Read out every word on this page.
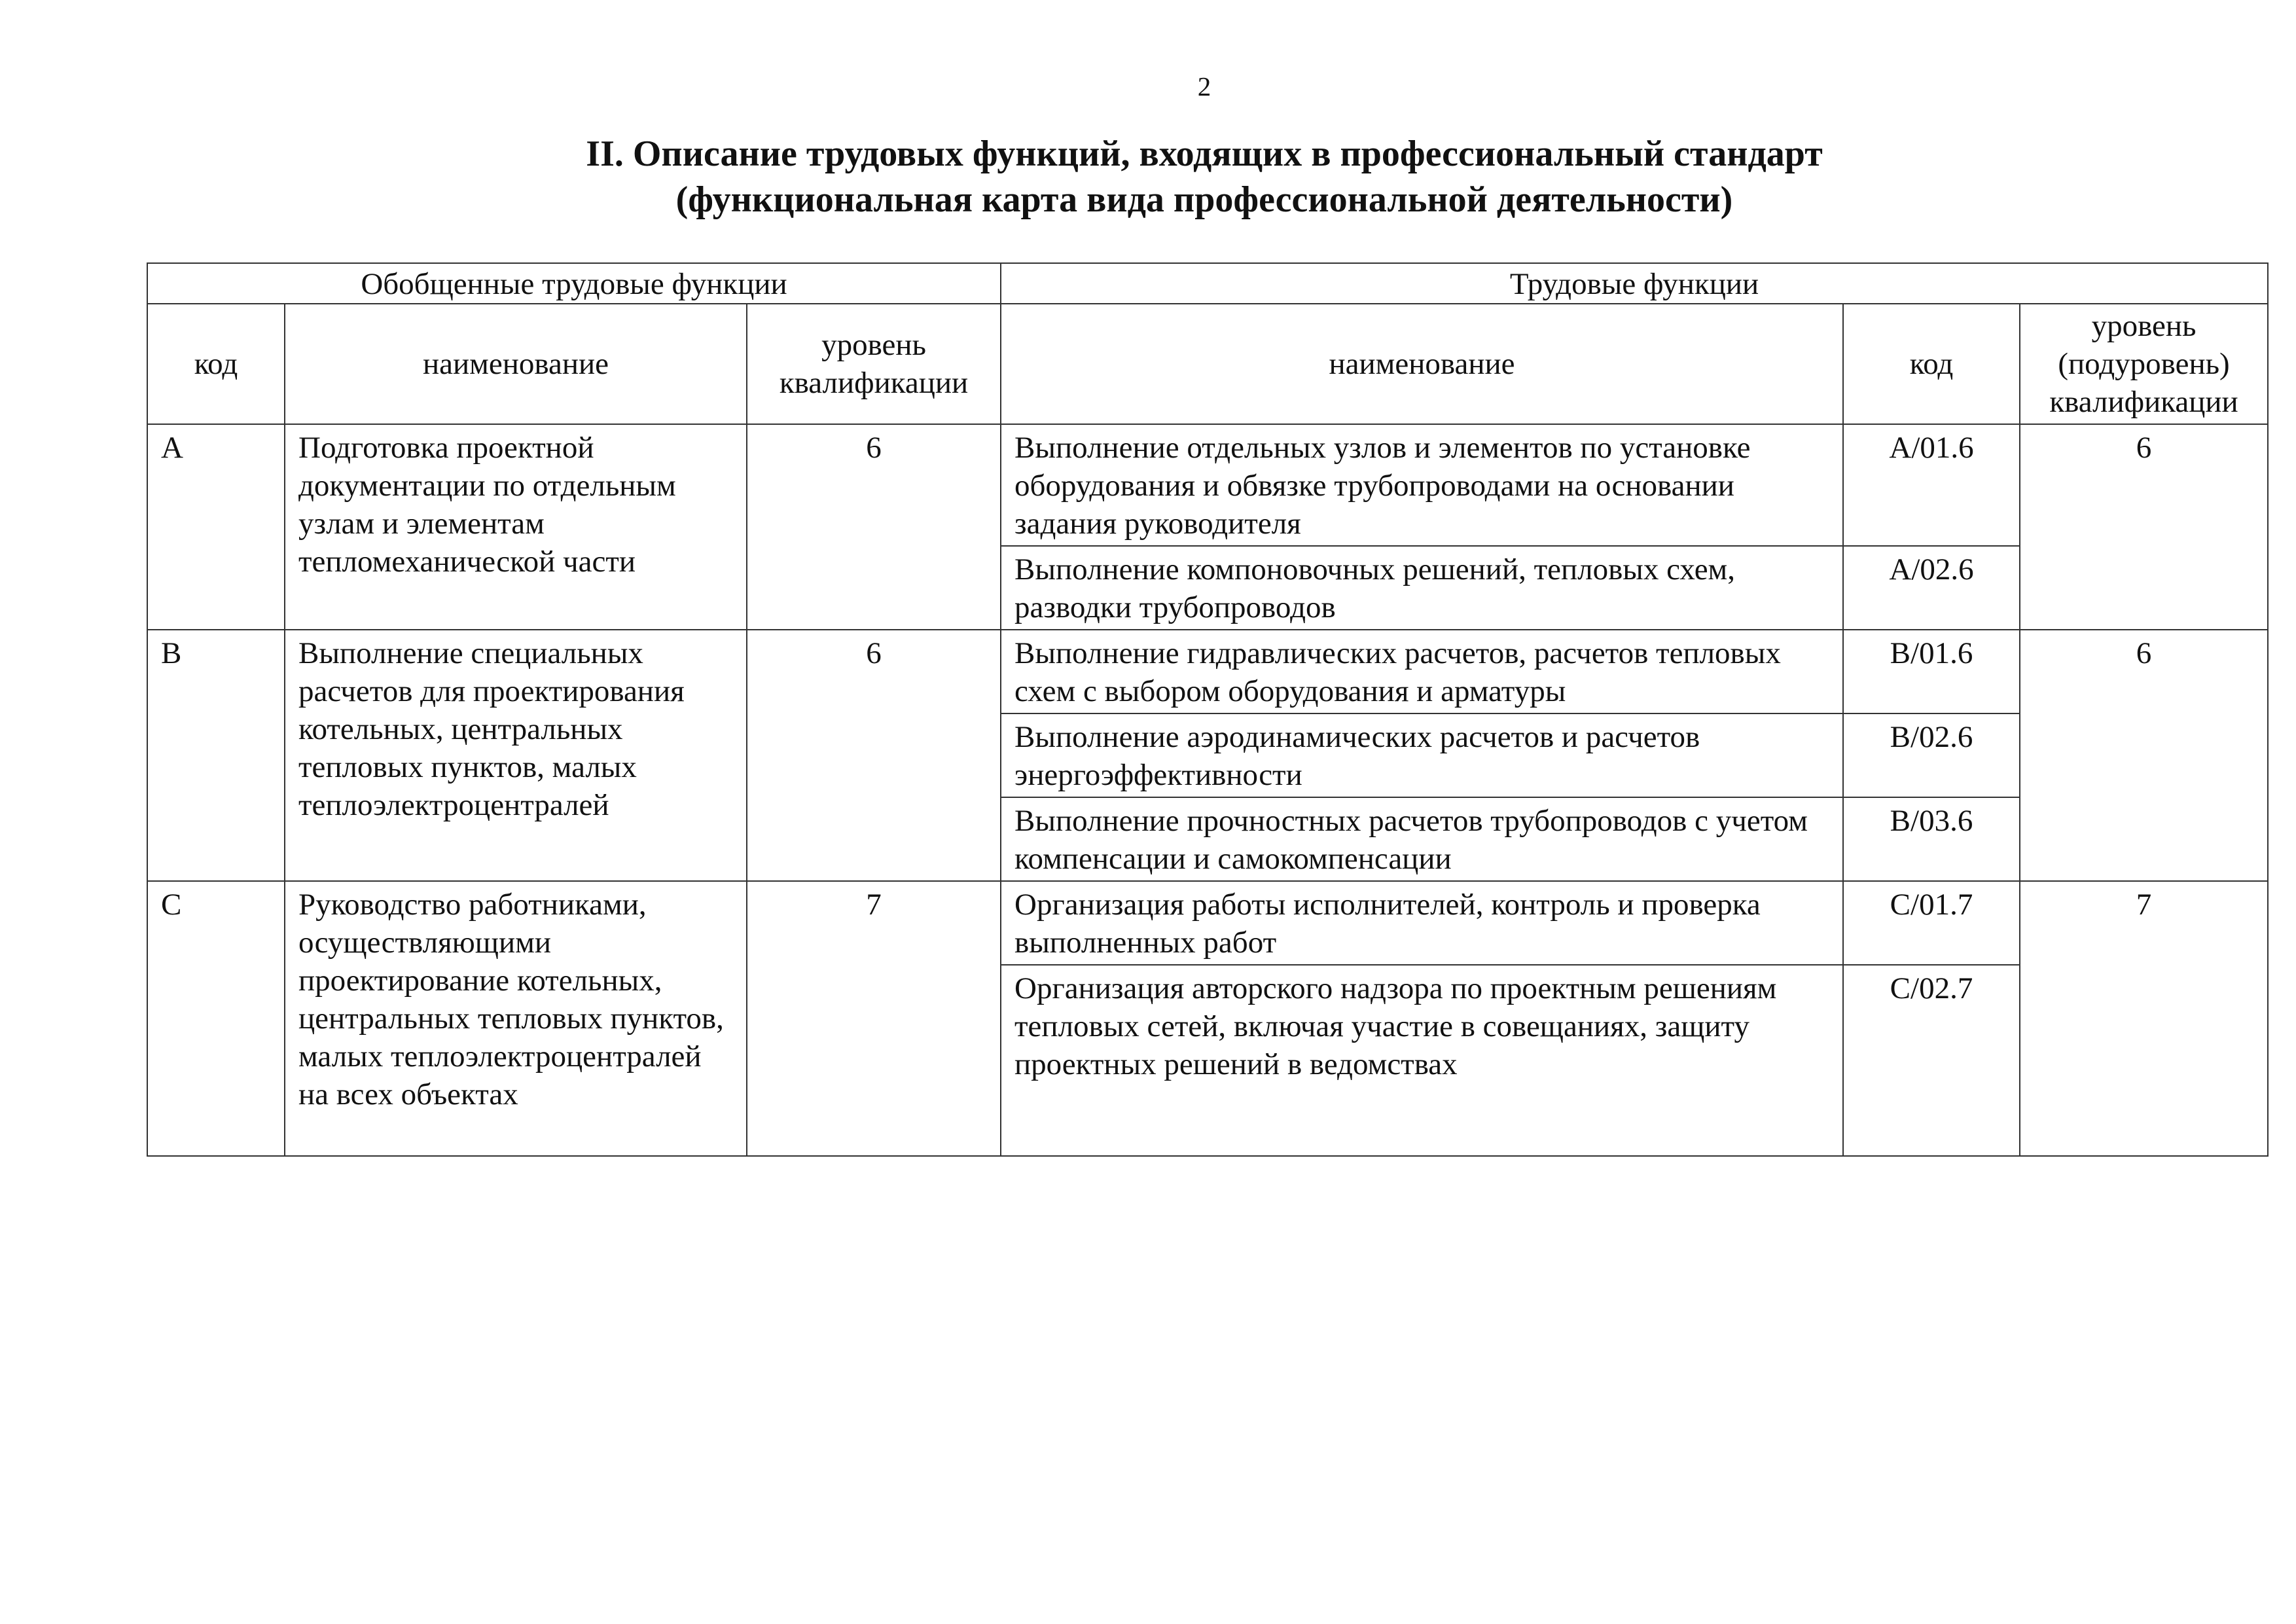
2
II. Описание трудовых функций, входящих в профессиональный стандарт
(функциональная карта вида профессиональной деятельности)
Обобщенные трудовые функции			Трудовые функции		
код	наименование	уровень квалификации	наименование	код	уровень (подуровень) квалификации
A	Подготовка проектной документации по отдельным узлам и элементам тепломеханической части	6	Выполнение отдельных узлов и элементов по установке оборудования и обвязке трубопроводами на основании задания руководителя	A/01.6	6
			Выполнение компоновочных решений, тепловых схем, разводки трубопроводов	A/02.6	
B	Выполнение специальных расчетов для проектирования котельных, центральных тепловых пунктов, малых теплоэлектроцентралей	6	Выполнение гидравлических расчетов, расчетов тепловых схем с выбором оборудования и арматуры	B/01.6	6
			Выполнение аэродинамических расчетов и расчетов энергоэффективности	B/02.6	
			Выполнение прочностных расчетов трубопроводов с учетом компенсации и самокомпенсации	B/03.6	
C	Руководство работниками, осуществляющими проектирование котельных, центральных тепловых пунктов, малых теплоэлектроцентралей на всех объектах	7	Организация работы исполнителей, контроль и проверка выполненных работ	C/01.7	7
			Организация авторского надзора по проектным решениям тепловых сетей, включая участие в совещаниях, защиту проектных решений в ведомствах	C/02.7	
